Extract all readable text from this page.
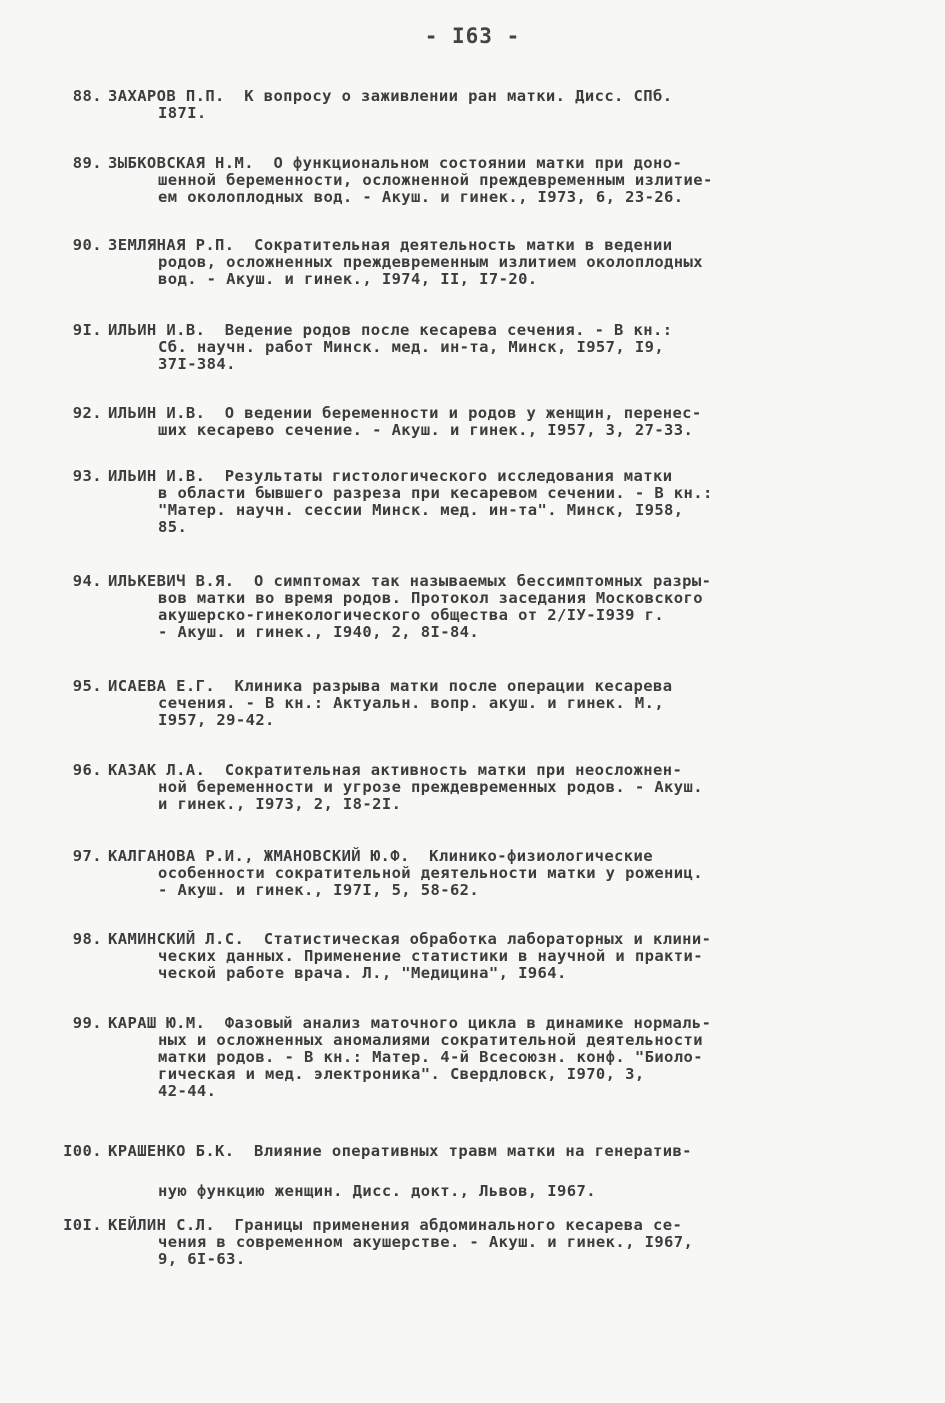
- I63 -
88. ЗАХАРОВ П.П.  К вопросу о заживлении ран матки. Дисс. СПб.
I87I.
89. ЗЫБКОВСКАЯ Н.М.  О функциональном состоянии матки при доно-
шенной беременности, осложненной преждевременным излитие-
ем околоплодных вод. - Акуш. и гинек., I973, 6, 23-26.
90. ЗЕМЛЯНАЯ Р.П.  Сократительная деятельность матки в ведении
родов, осложненных преждевременным излитием околоплодных
вод. - Акуш. и гинек., I974, II, I7-20.
9I. ИЛЬИН И.В.  Ведение родов после кесарева сечения. - В кн.:
Сб. научн. работ Минск. мед. ин-та, Минск, I957, I9,
37I-384.
92. ИЛЬИН И.В.  О ведении беременности и родов у женщин, перенес-
ших кесарево сечение. - Акуш. и гинек., I957, 3, 27-33.
93. ИЛЬИН И.В.  Результаты гистологического исследования матки
в области бывшего разреза при кесаревом сечении. - В кн.:
"Матер. научн. сессии Минск. мед. ин-та". Минск, I958,
85.
94. ИЛЬКЕВИЧ В.Я.  О симптомах так называемых бессимптомных разры-
вов матки во время родов. Протокол заседания Московского
акушерско-гинекологического общества от 2/IУ-I939 г.
- Акуш. и гинек., I940, 2, 8I-84.
95. ИСАЕВА Е.Г.  Клиника разрыва матки после операции кесарева
сечения. - В кн.: Актуальн. вопр. акуш. и гинек. М.,
I957, 29-42.
96. КАЗАК Л.А.  Сократительная активность матки при неосложнен-
ной беременности и угрозе преждевременных родов. - Акуш.
и гинек., I973, 2, I8-2I.
97. КАЛГАНОВА Р.И., ЖМАНОВСКИЙ Ю.Ф.  Клинико-физиологические
особенности сократительной деятельности матки у рожениц.
- Акуш. и гинек., I97I, 5, 58-62.
98. КАМИНСКИЙ Л.С.  Статистическая обработка лабораторных и клини-
ческих данных. Применение статистики в научной и практи-
ческой работе врача. Л., "Медицина", I964.
99. КАРАШ Ю.М.  Фазовый анализ маточного цикла в динамике нормаль-
ных и осложненных аномалиями сократительной деятельности
матки родов. - В кн.: Матер. 4-й Всесоюзн. конф. "Биоло-
гическая и мед. электроника". Свердловск, I970, 3,
42-44.
I00. КРАШЕНКО Б.К.  Влияние оперативных травм матки на генератив-
ную функцию женщин. Дисс. докт., Львов, I967.
I0I. КЕЙЛИН С.Л.  Границы применения абдоминального кесарева се-
чения в современном акушерстве. - Акуш. и гинек., I967,
9, 6I-63.
